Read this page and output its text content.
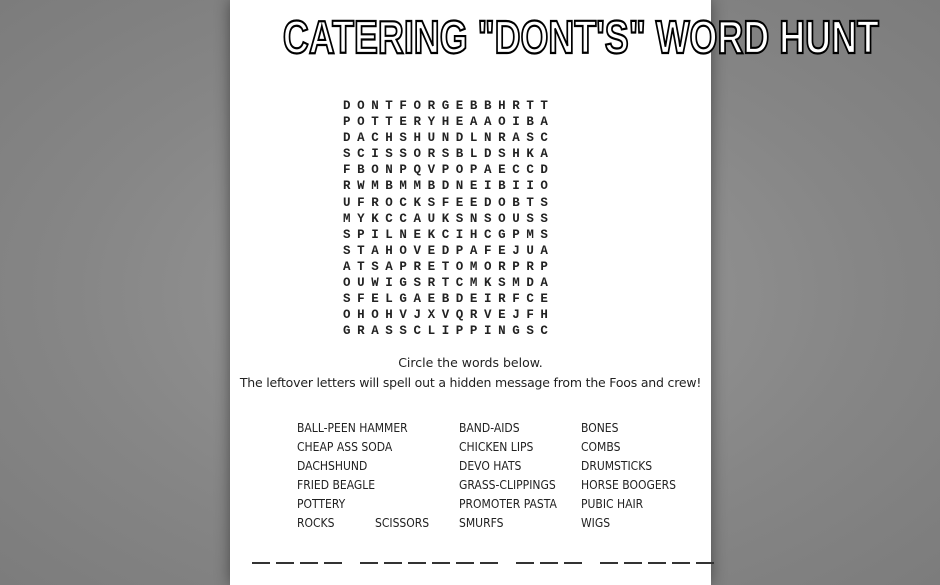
CATERING "DONT'S" WORD HUNT
DONTFORGEBBHRTT
POTTERYHEAAOIBA
DACHSHUNDLNRASC
SCISSORSBLDSHKA
FBONPQVPOPAECCD
RWMBMMBDNEIBIIO
UFROCKSFEEDOBTS
MYKCCAUKSNSOUSS
SPILNEKCIHCGPMS
STAHOVEDPAFEJUA
ATSAPRETOMORPRP
OUWIGSRTCMKSMDA
SFELGAEBDEIRFCE
OHOHVJXVQRVEJFH
GRASSCLIPPINGSC
Circle the words below.
The leftover letters will spell out a hidden message from the Foos and crew!
BALL-PEEN HAMMER
CHEAP ASS SODA
DACHSHUND
FRIED BEAGLE
POTTERY
ROCKS	SCISSORS
BAND-AIDS
CHICKEN LIPS
DEVO HATS
GRASS-CLIPPINGS
PROMOTER PASTA
SMURFS
BONES
COMBS
DRUMSTICKS
HORSE BOOGERS
PUBIC HAIR
WIGS
